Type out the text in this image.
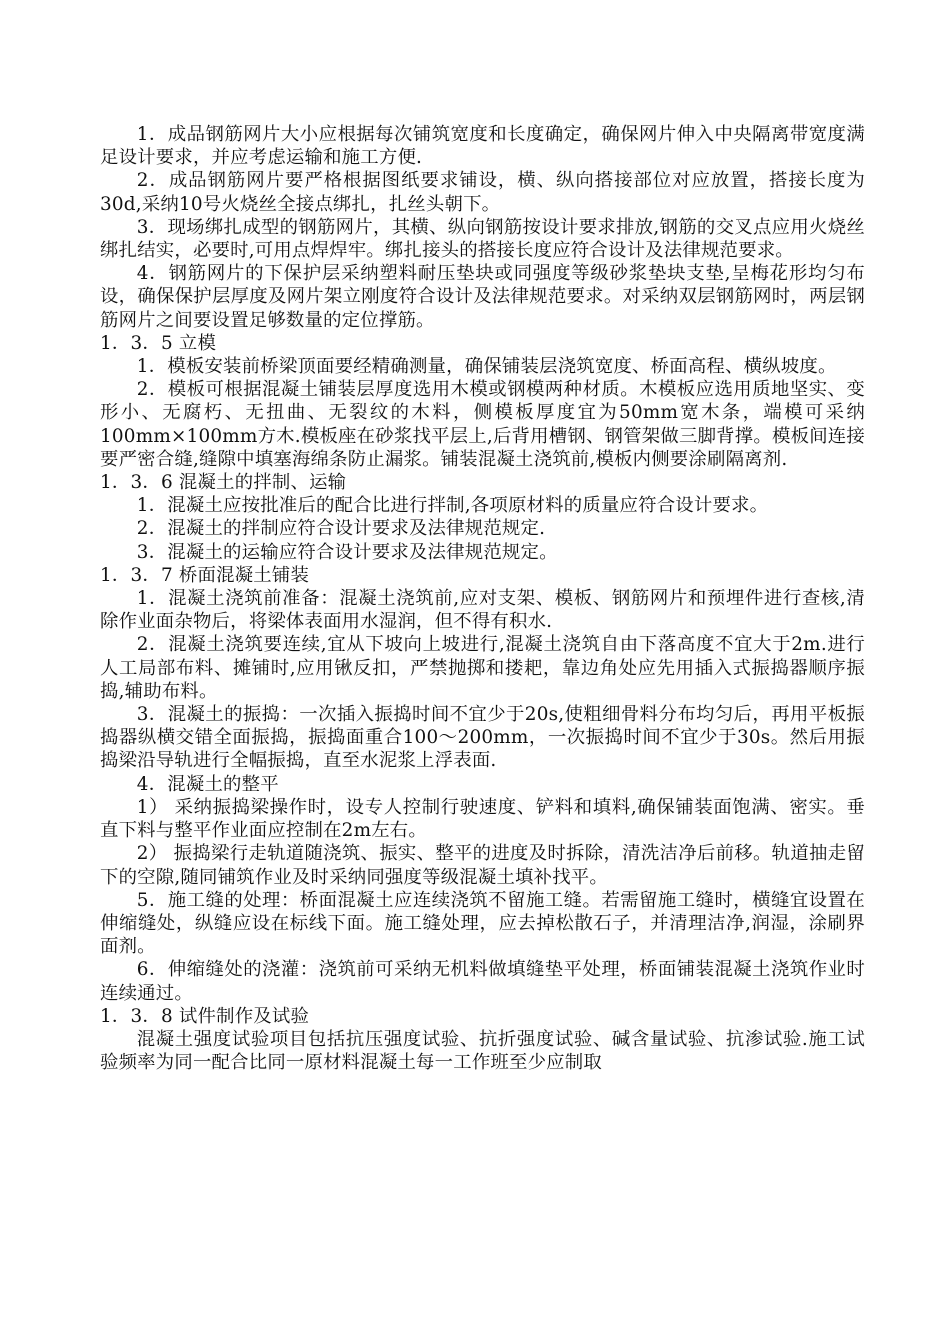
1．成品钢筋网片大小应根据每次铺筑宽度和长度确定，确保网片伸入中央隔离带宽度满足设计要求，并应考虑运输和施工方便.

2．成品钢筋网片要严格根据图纸要求铺设，横、纵向搭接部位对应放置，搭接长度为30d,采纳10号火烧丝全接点绑扎，扎丝头朝下。

3．现场绑扎成型的钢筋网片，其横、纵向钢筋按设计要求排放,钢筋的交叉点应用火烧丝绑扎结实，必要时,可用点焊焊牢。绑扎接头的搭接长度应符合设计及法律规范要求。

4．钢筋网片的下保护层采纳塑料耐压垫块或同强度等级砂浆垫块支垫,呈梅花形均匀布设，确保保护层厚度及网片架立刚度符合设计及法律规范要求。对采纳双层钢筋网时，两层钢筋网片之间要设置足够数量的定位撑筋。

1．3．5 立模

1．模板安装前桥梁顶面要经精确测量，确保铺装层浇筑宽度、桥面高程、横纵坡度。

2．模板可根据混凝土铺装层厚度选用木模或钢模两种材质。木模板应选用质地坚实、变形小、无腐朽、无扭曲、无裂纹的木料，侧模板厚度宜为50mm宽木条，端模可采纳100mm×100mm方木.模板座在砂浆找平层上,后背用槽钢、钢管架做三脚背撑。模板间连接要严密合缝,缝隙中填塞海绵条防止漏浆。铺装混凝土浇筑前,模板内侧要涂刷隔离剂.

1．3．6 混凝土的拌制、运输

1．混凝土应按批准后的配合比进行拌制,各项原材料的质量应符合设计要求。

2．混凝土的拌制应符合设计要求及法律规范规定.

3．混凝土的运输应符合设计要求及法律规范规定。

1．3．7 桥面混凝土铺装

1．混凝土浇筑前准备：混凝土浇筑前,应对支架、模板、钢筋网片和预埋件进行查核,清除作业面杂物后，将梁体表面用水湿润，但不得有积水.

2．混凝土浇筑要连续,宜从下坡向上坡进行,混凝土浇筑自由下落高度不宜大于2m.进行人工局部布料、摊铺时,应用锹反扣，严禁抛掷和搂耙，靠边角处应先用插入式振捣器顺序振捣,辅助布料。

3．混凝土的振捣：一次插入振捣时间不宜少于20s,使粗细骨料分布均匀后，再用平板振捣器纵横交错全面振捣，振捣面重合100～200mm，一次振捣时间不宜少于30s。然后用振捣梁沿导轨进行全幅振捣，直至水泥浆上浮表面.

4．混凝土的整平

1） 采纳振捣梁操作时，设专人控制行驶速度、铲料和填料,确保铺装面饱满、密实。垂直下料与整平作业面应控制在2m左右。

2） 振捣梁行走轨道随浇筑、振实、整平的进度及时拆除，清洗洁净后前移。轨道抽走留下的空隙,随同铺筑作业及时采纳同强度等级混凝土填补找平。

5．施工缝的处理：桥面混凝土应连续浇筑不留施工缝。若需留施工缝时，横缝宜设置在伸缩缝处，纵缝应设在标线下面。施工缝处理，应去掉松散石子，并清理洁净,润湿，涂刷界面剂。

6．伸缩缝处的浇灌：浇筑前可采纳无机料做填缝垫平处理，桥面铺装混凝土浇筑作业时连续通过。

1．3．8 试件制作及试验

混凝土强度试验项目包括抗压强度试验、抗折强度试验、碱含量试验、抗渗试验.施工试验频率为同一配合比同一原材料混凝土每一工作班至少应制取
